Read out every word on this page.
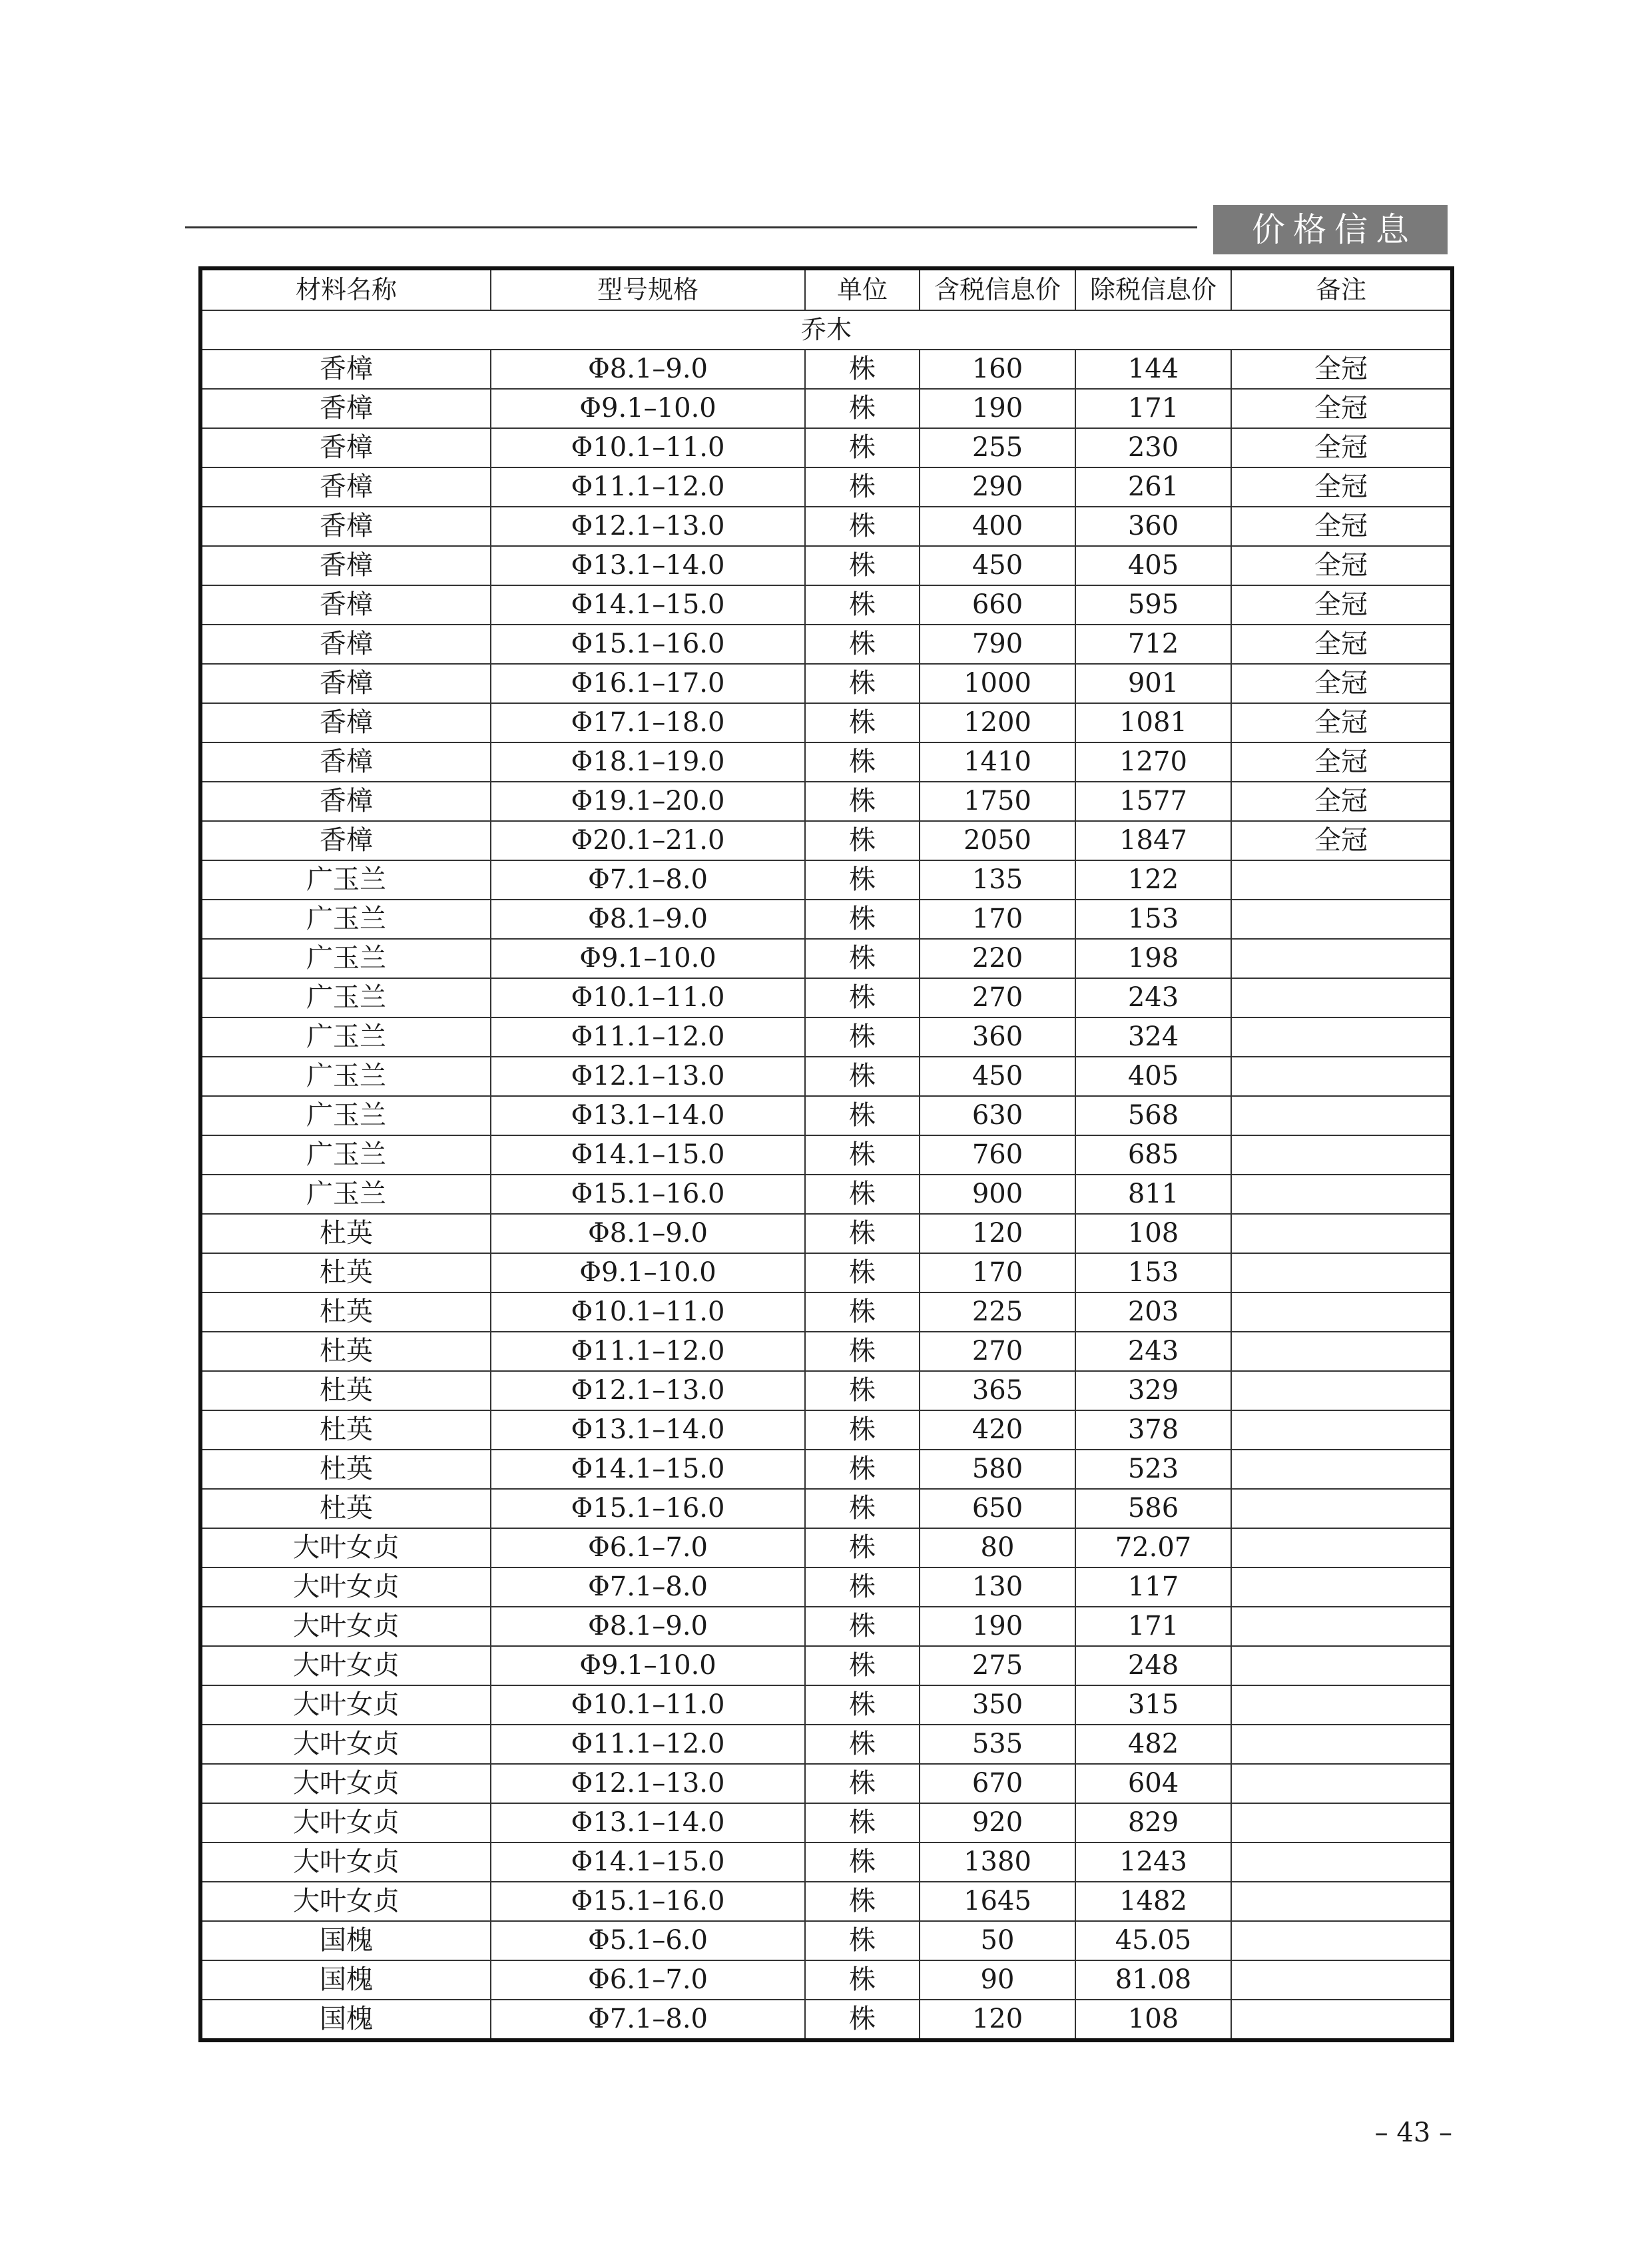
价格信息
材料名称	型号规格	单位	含税信息价	除税信息价	备注
乔木					
香樟	Φ8.1–9.0	株	160	144	全冠
香樟	Φ9.1–10.0	株	190	171	全冠
香樟	Φ10.1–11.0	株	255	230	全冠
香樟	Φ11.1–12.0	株	290	261	全冠
香樟	Φ12.1–13.0	株	400	360	全冠
香樟	Φ13.1–14.0	株	450	405	全冠
香樟	Φ14.1–15.0	株	660	595	全冠
香樟	Φ15.1–16.0	株	790	712	全冠
香樟	Φ16.1–17.0	株	1000	901	全冠
香樟	Φ17.1–18.0	株	1200	1081	全冠
香樟	Φ18.1–19.0	株	1410	1270	全冠
香樟	Φ19.1–20.0	株	1750	1577	全冠
香樟	Φ20.1–21.0	株	2050	1847	全冠
广玉兰	Φ7.1–8.0	株	135	122	
广玉兰	Φ8.1–9.0	株	170	153	
广玉兰	Φ9.1–10.0	株	220	198	
广玉兰	Φ10.1–11.0	株	270	243	
广玉兰	Φ11.1–12.0	株	360	324	
广玉兰	Φ12.1–13.0	株	450	405	
广玉兰	Φ13.1–14.0	株	630	568	
广玉兰	Φ14.1–15.0	株	760	685	
广玉兰	Φ15.1–16.0	株	900	811	
杜英	Φ8.1–9.0	株	120	108	
杜英	Φ9.1–10.0	株	170	153	
杜英	Φ10.1–11.0	株	225	203	
杜英	Φ11.1–12.0	株	270	243	
杜英	Φ12.1–13.0	株	365	329	
杜英	Φ13.1–14.0	株	420	378	
杜英	Φ14.1–15.0	株	580	523	
杜英	Φ15.1–16.0	株	650	586	
大叶女贞	Φ6.1–7.0	株	80	72.07	
大叶女贞	Φ7.1–8.0	株	130	117	
大叶女贞	Φ8.1–9.0	株	190	171	
大叶女贞	Φ9.1–10.0	株	275	248	
大叶女贞	Φ10.1–11.0	株	350	315	
大叶女贞	Φ11.1–12.0	株	535	482	
大叶女贞	Φ12.1–13.0	株	670	604	
大叶女贞	Φ13.1–14.0	株	920	829	
大叶女贞	Φ14.1–15.0	株	1380	1243	
大叶女贞	Φ15.1–16.0	株	1645	1482	
国槐	Φ5.1–6.0	株	50	45.05	
国槐	Φ6.1–7.0	株	90	81.08	
国槐	Φ7.1–8.0	株	120	108	
– 43 –
